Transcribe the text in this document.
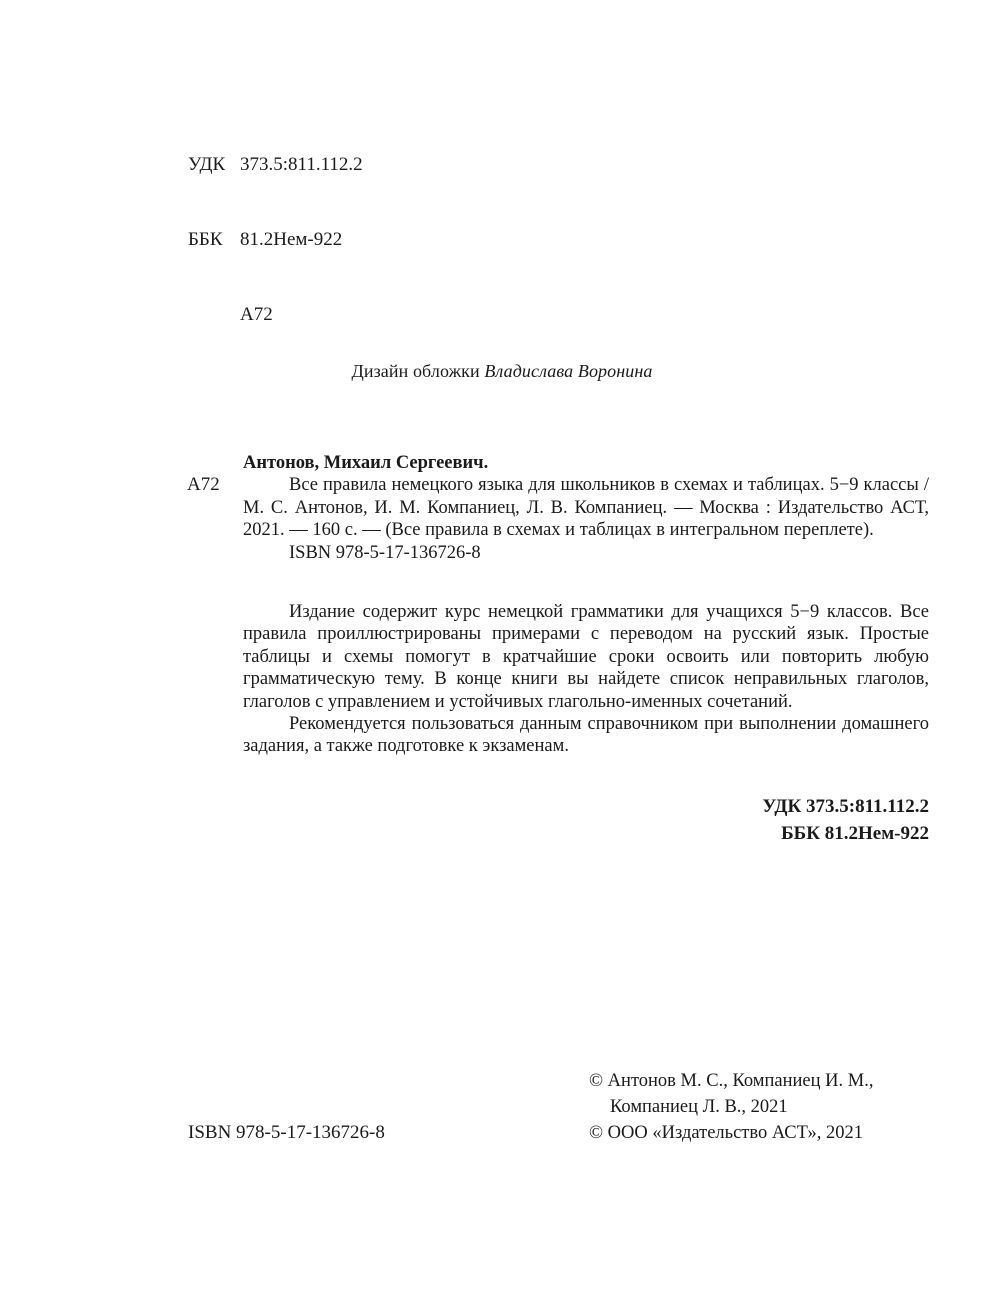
УДК 373.5:811.112.2

ББК 81.2Нем-922

А72

Дизайн обложки Владислава Воронина
А72
Антонов, Михаил Сергеевич.

Все правила немецкого языка для школьников в схемах и таблицах. 5−9 классы / М. С. Антонов, И. М. Компаниец, Л. В. Компаниец. — Москва : Издательство АСТ, 2021. — 160 с. — (Все правила в схемах и таблицах в интегральном переплете).

ISBN 978-5-17-136726-8

Издание содержит курс немецкой грамматики для учащихся 5−9 классов. Все правила проиллюстрированы примерами с переводом на русский язык. Простые таблицы и схемы помогут в кратчайшие сроки освоить или повторить любую грамматическую тему. В конце книги вы найдете список неправильных глаголов, глаголов с управлением и устойчивых глагольно-именных сочетаний.

Рекомендуется пользоваться данным справочником при выполнении домашнего задания, а также подготовке к экзаменам.

УДК 373.5:811.112.2
ББК 81.2Нем-922
© Антонов М. С., Компаниец И. М.,
Компаниец Л. В., 2021
© ООО «Издательство АСТ», 2021
ISBN 978-5-17-136726-8
